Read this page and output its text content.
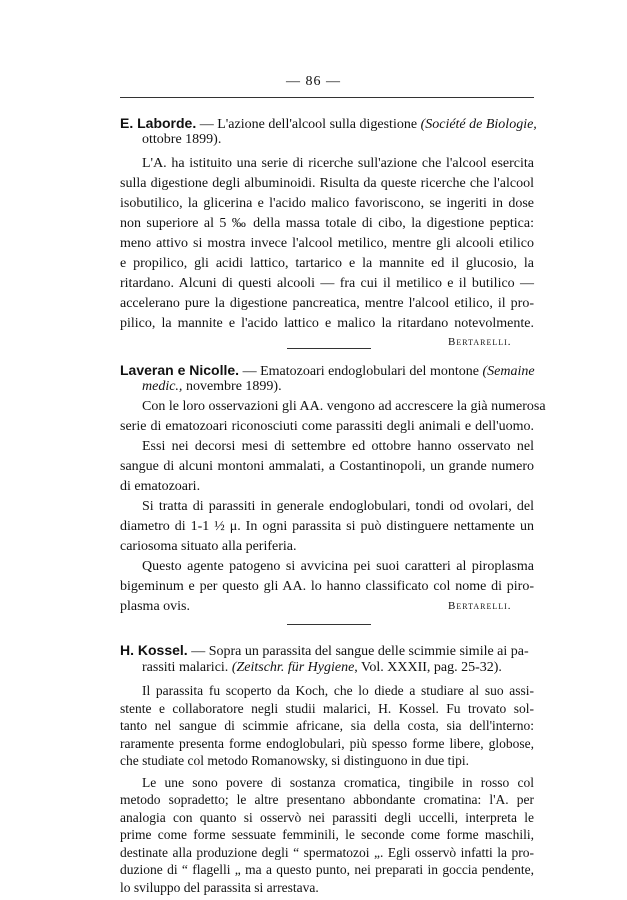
— 86 —
E. Laborde. — L'azione dell'alcool sulla digestione (Société de Biologie,
ottobre 1899).

L'A. ha istituito una serie di ricerche sull'azione che l'alcool esercita

sulla digestione degli albuminoidi. Risulta da queste ricerche che l'alcool

isobutilico, la glicerina e l'acido malico favoriscono, se ingeriti in dose

non superiore al 5 ‰ della massa totale di cibo, la digestione peptica:

meno attivo si mostra invece l'alcool metilico, mentre gli alcooli etilico

e propilico, gli acidi lattico, tartarico e la mannite ed il glucosio, la

ritardano. Alcuni di questi alcooli — fra cui il metilico e il butilico —

accelerano pure la digestione pancreatica, mentre l'alcool etilico, il pro-

pilico, la mannite e l'acido lattico e malico la ritardano notevolmente.

Bertarelli.
Laveran e Nicolle. — Ematozoari endoglobulari del montone (Semaine
medic., novembre 1899).

Con le loro osservazioni gli AA. vengono ad accrescere la già numerosa

serie di ematozoari riconosciuti come parassiti degli animali e dell'uomo.

Essi nei decorsi mesi di settembre ed ottobre hanno osservato nel

sangue di alcuni montoni ammalati, a Costantinopoli, un grande numero

di ematozoari.

Si tratta di parassiti in generale endoglobulari, tondi od ovolari, del

diametro di 1-1 ½ μ. In ogni parassita si può distinguere nettamente un

cariosoma situato alla periferia.

Questo agente patogeno si avvicina pei suoi caratteri al piroplasma

bigeminum e per questo gli AA. lo hanno classificato col nome di piro-

plasma ovis.	Bertarelli.
H. Kossel. — Sopra un parassita del sangue delle scimmie simile ai pa-
rassiti malarici. (Zeitschr. für Hygiene, Vol. XXXII, pag. 25-32).

Il parassita fu scoperto da Koch, che lo diede a studiare al suo assi-

stente e collaboratore negli studii malarici, H. Kossel. Fu trovato sol-

tanto nel sangue di scimmie africane, sia della costa, sia dell'interno:

raramente presenta forme endoglobulari, più spesso forme libere, globose,

che studiate col metodo Romanowsky, si distinguono in due tipi.

Le une sono povere di sostanza cromatica, tingibile in rosso col

metodo sopradetto; le altre presentano abbondante cromatina: l'A. per

analogia con quanto si osservò nei parassiti degli uccelli, interpreta le

prime come forme sessuate femminili, le seconde come forme maschili,

destinate alla produzione degli “ spermatozoi „. Egli osservò infatti la pro-

duzione di “ flagelli „ ma a questo punto, nei preparati in goccia pendente,

lo sviluppo del parassita si arrestava.
